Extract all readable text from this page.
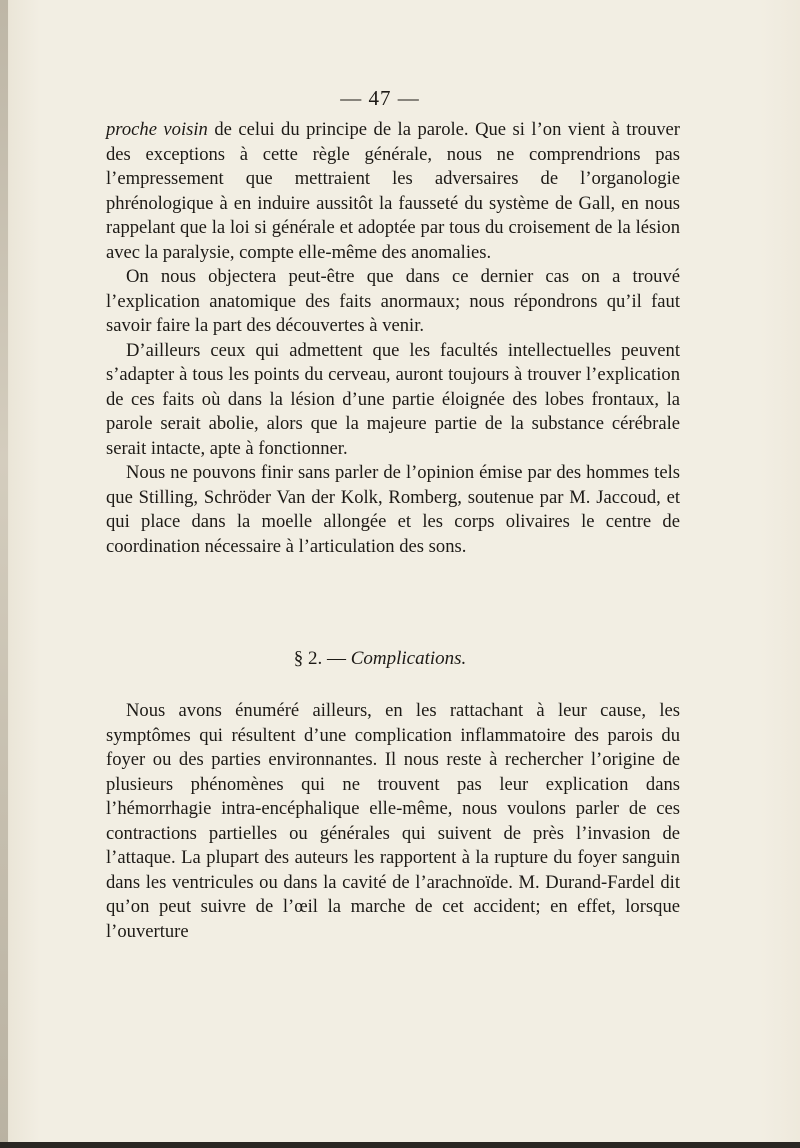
— 47 —

proche voisin de celui du principe de la parole. Que si l’on vient à trouver des exceptions à cette règle générale, nous ne comprendrions pas l’empressement que mettraient les adversaires de l’organologie phrénologique à en induire aussitôt la fausseté du système de Gall, en nous rappelant que la loi si générale et adoptée par tous du croisement de la lésion avec la paralysie, compte elle-même des anomalies.

On nous objectera peut-être que dans ce dernier cas on a trouvé l’explication anatomique des faits anormaux; nous répondrons qu’il faut savoir faire la part des découvertes à venir.

D’ailleurs ceux qui admettent que les facultés intellectuelles peuvent s’adapter à tous les points du cerveau, auront toujours à trouver l’explication de ces faits où dans la lésion d’une partie éloignée des lobes frontaux, la parole serait abolie, alors que la majeure partie de la substance cérébrale serait intacte, apte à fonctionner.

Nous ne pouvons finir sans parler de l’opinion émise par des hommes tels que Stilling, Schröder Van der Kolk, Romberg, soutenue par M. Jaccoud, et qui place dans la moelle allongée et les corps olivaires le centre de coordination nécessaire à l’articulation des sons.

§ 2. — Complications.

Nous avons énuméré ailleurs, en les rattachant à leur cause, les symptômes qui résultent d’une complication inflammatoire des parois du foyer ou des parties environnantes. Il nous reste à rechercher l’origine de plusieurs phénomènes qui ne trouvent pas leur explication dans l’hémorrhagie intra-encéphalique elle-même, nous voulons parler de ces contractions partielles ou générales qui suivent de près l’invasion de l’attaque. La plupart des auteurs les rapportent à la rupture du foyer sanguin dans les ventricules ou dans la cavité de l’arachnoïde. M. Durand-Fardel dit qu’on peut suivre de l’œil la marche de cet accident; en effet, lorsque l’ouverture
